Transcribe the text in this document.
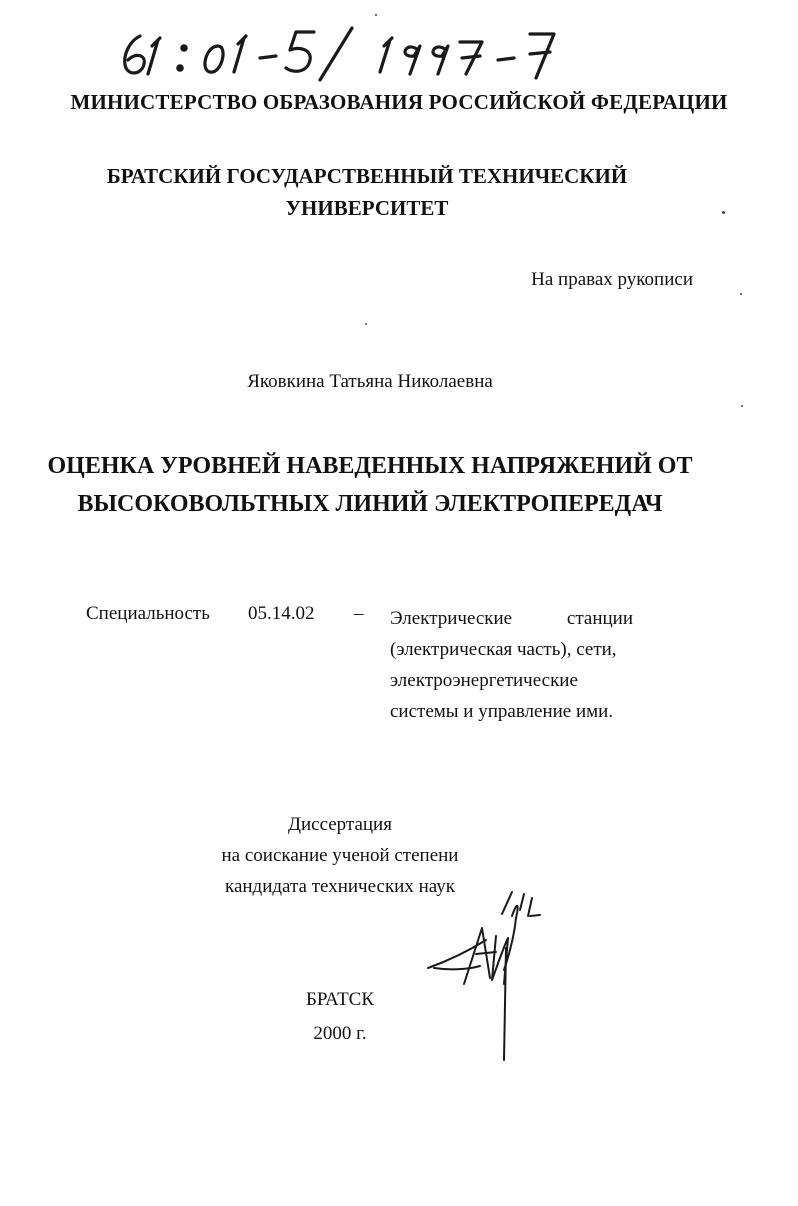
МИНИСТЕРСТВО ОБРАЗОВАНИЯ РОССИЙСКОЙ ФЕДЕРАЦИИ
БРАТСКИЙ ГОСУДАРСТВЕННЫЙ ТЕХНИЧЕСКИЙ
УНИВЕРСИТЕТ
На правах рукописи
Яковкина Татьяна Николаевна
ОЦЕНКА УРОВНЕЙ НАВЕДЕННЫХ НАПРЯЖЕНИЙ ОТ
ВЫСОКОВОЛЬТНЫХ ЛИНИЙ ЭЛЕКТРОПЕРЕДАЧ
Специальность 05.14.02 – Электрические	станции
(электрическая часть), сети,
электроэнергетические
системы и управление ими.
Диссертация
на соискание ученой степени
кандидата технических наук
БРАТСК
2000 г.
